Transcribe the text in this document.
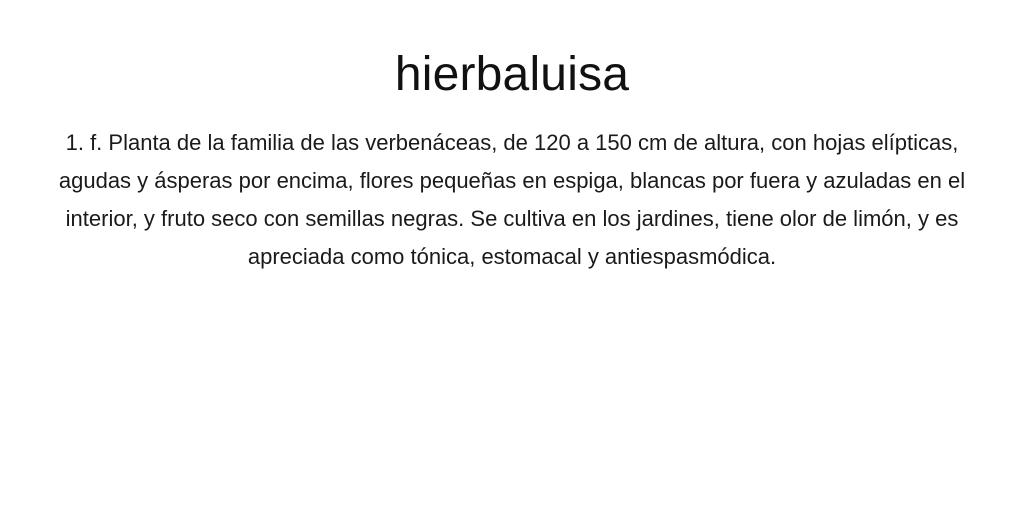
hierbaluisa

1. f. Planta de la familia de las verbenáceas, de 120 a 150 cm de altura, con hojas elípticas, agudas y ásperas por encima, flores pequeñas en espiga, blancas por fuera y azuladas en el interior, y fruto seco con semillas negras. Se cultiva en los jardines, tiene olor de limón, y es apreciada como tónica, estomacal y antiespasmódica.
